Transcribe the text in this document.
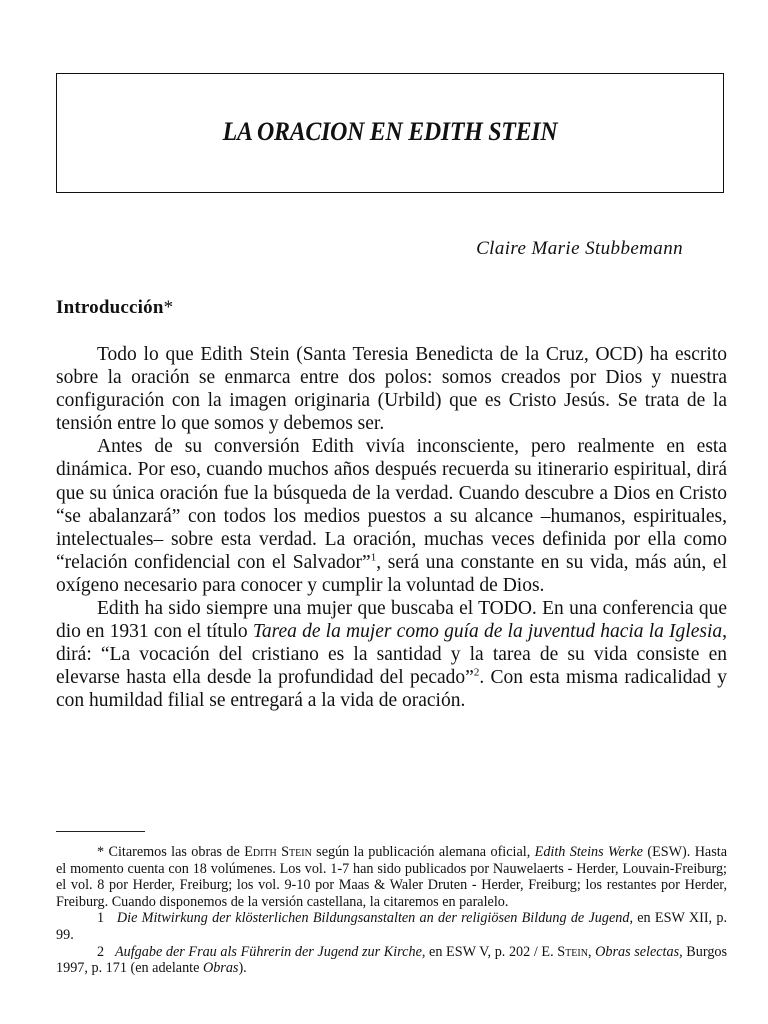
LA ORACION EN EDITH STEIN
Claire Marie Stubbemann
Introducción*

Todo lo que Edith Stein (Santa Teresia Benedicta de la Cruz, OCD) ha escrito sobre la oración se enmarca entre dos polos: somos creados por Dios y nuestra configuración con la imagen originaria (Urbild) que es Cristo Jesús. Se trata de la tensión entre lo que somos y debemos ser.

Antes de su conversión Edith vivía inconsciente, pero realmente en esta dinámica. Por eso, cuando muchos años después recuerda su itinerario espiritual, dirá que su única oración fue la búsqueda de la verdad. Cuando descubre a Dios en Cristo “se abalanzará” con todos los medios puestos a su alcance –humanos, espirituales, intelectuales– sobre esta verdad. La oración, muchas veces definida por ella como “relación confidencial con el Salvador”$^1$, será una constante en su vida, más aún, el oxígeno necesario para conocer y cumplir la voluntad de Dios.

Edith ha sido siempre una mujer que buscaba el TODO. En una conferencia que dio en 1931 con el título Tarea de la mujer como guía de la juventud hacia la Iglesia, dirá: “La vocación del cristiano es la santidad y la tarea de su vida consiste en elevarse hasta ella desde la profundidad del pecado”$^2$. Con esta misma radicalidad y con humildad filial se entregará a la vida de oración.

* Citaremos las obras de Edith Stein según la publicación alemana oficial, Edith Steins Werke (ESW). Hasta el momento cuenta con 18 volúmenes. Los vol. 1-7 han sido publicados por Nauwelaerts - Herder, Louvain-Freiburg; el vol. 8 por Herder, Freiburg; los vol. 9-10 por Maas & Waler Druten - Herder, Freiburg; los restantes por Herder, Freiburg. Cuando disponemos de la versión castellana, la citaremos en paralelo.

1 Die Mitwirkung der klösterlichen Bildungsanstalten an der religiösen Bildung de Jugend, en ESW XII, p. 99.

2 Aufgabe der Frau als Führerin der Jugend zur Kirche, en ESW V, p. 202 / E. Stein, Obras selectas, Burgos 1997, p. 171 (en adelante Obras).
